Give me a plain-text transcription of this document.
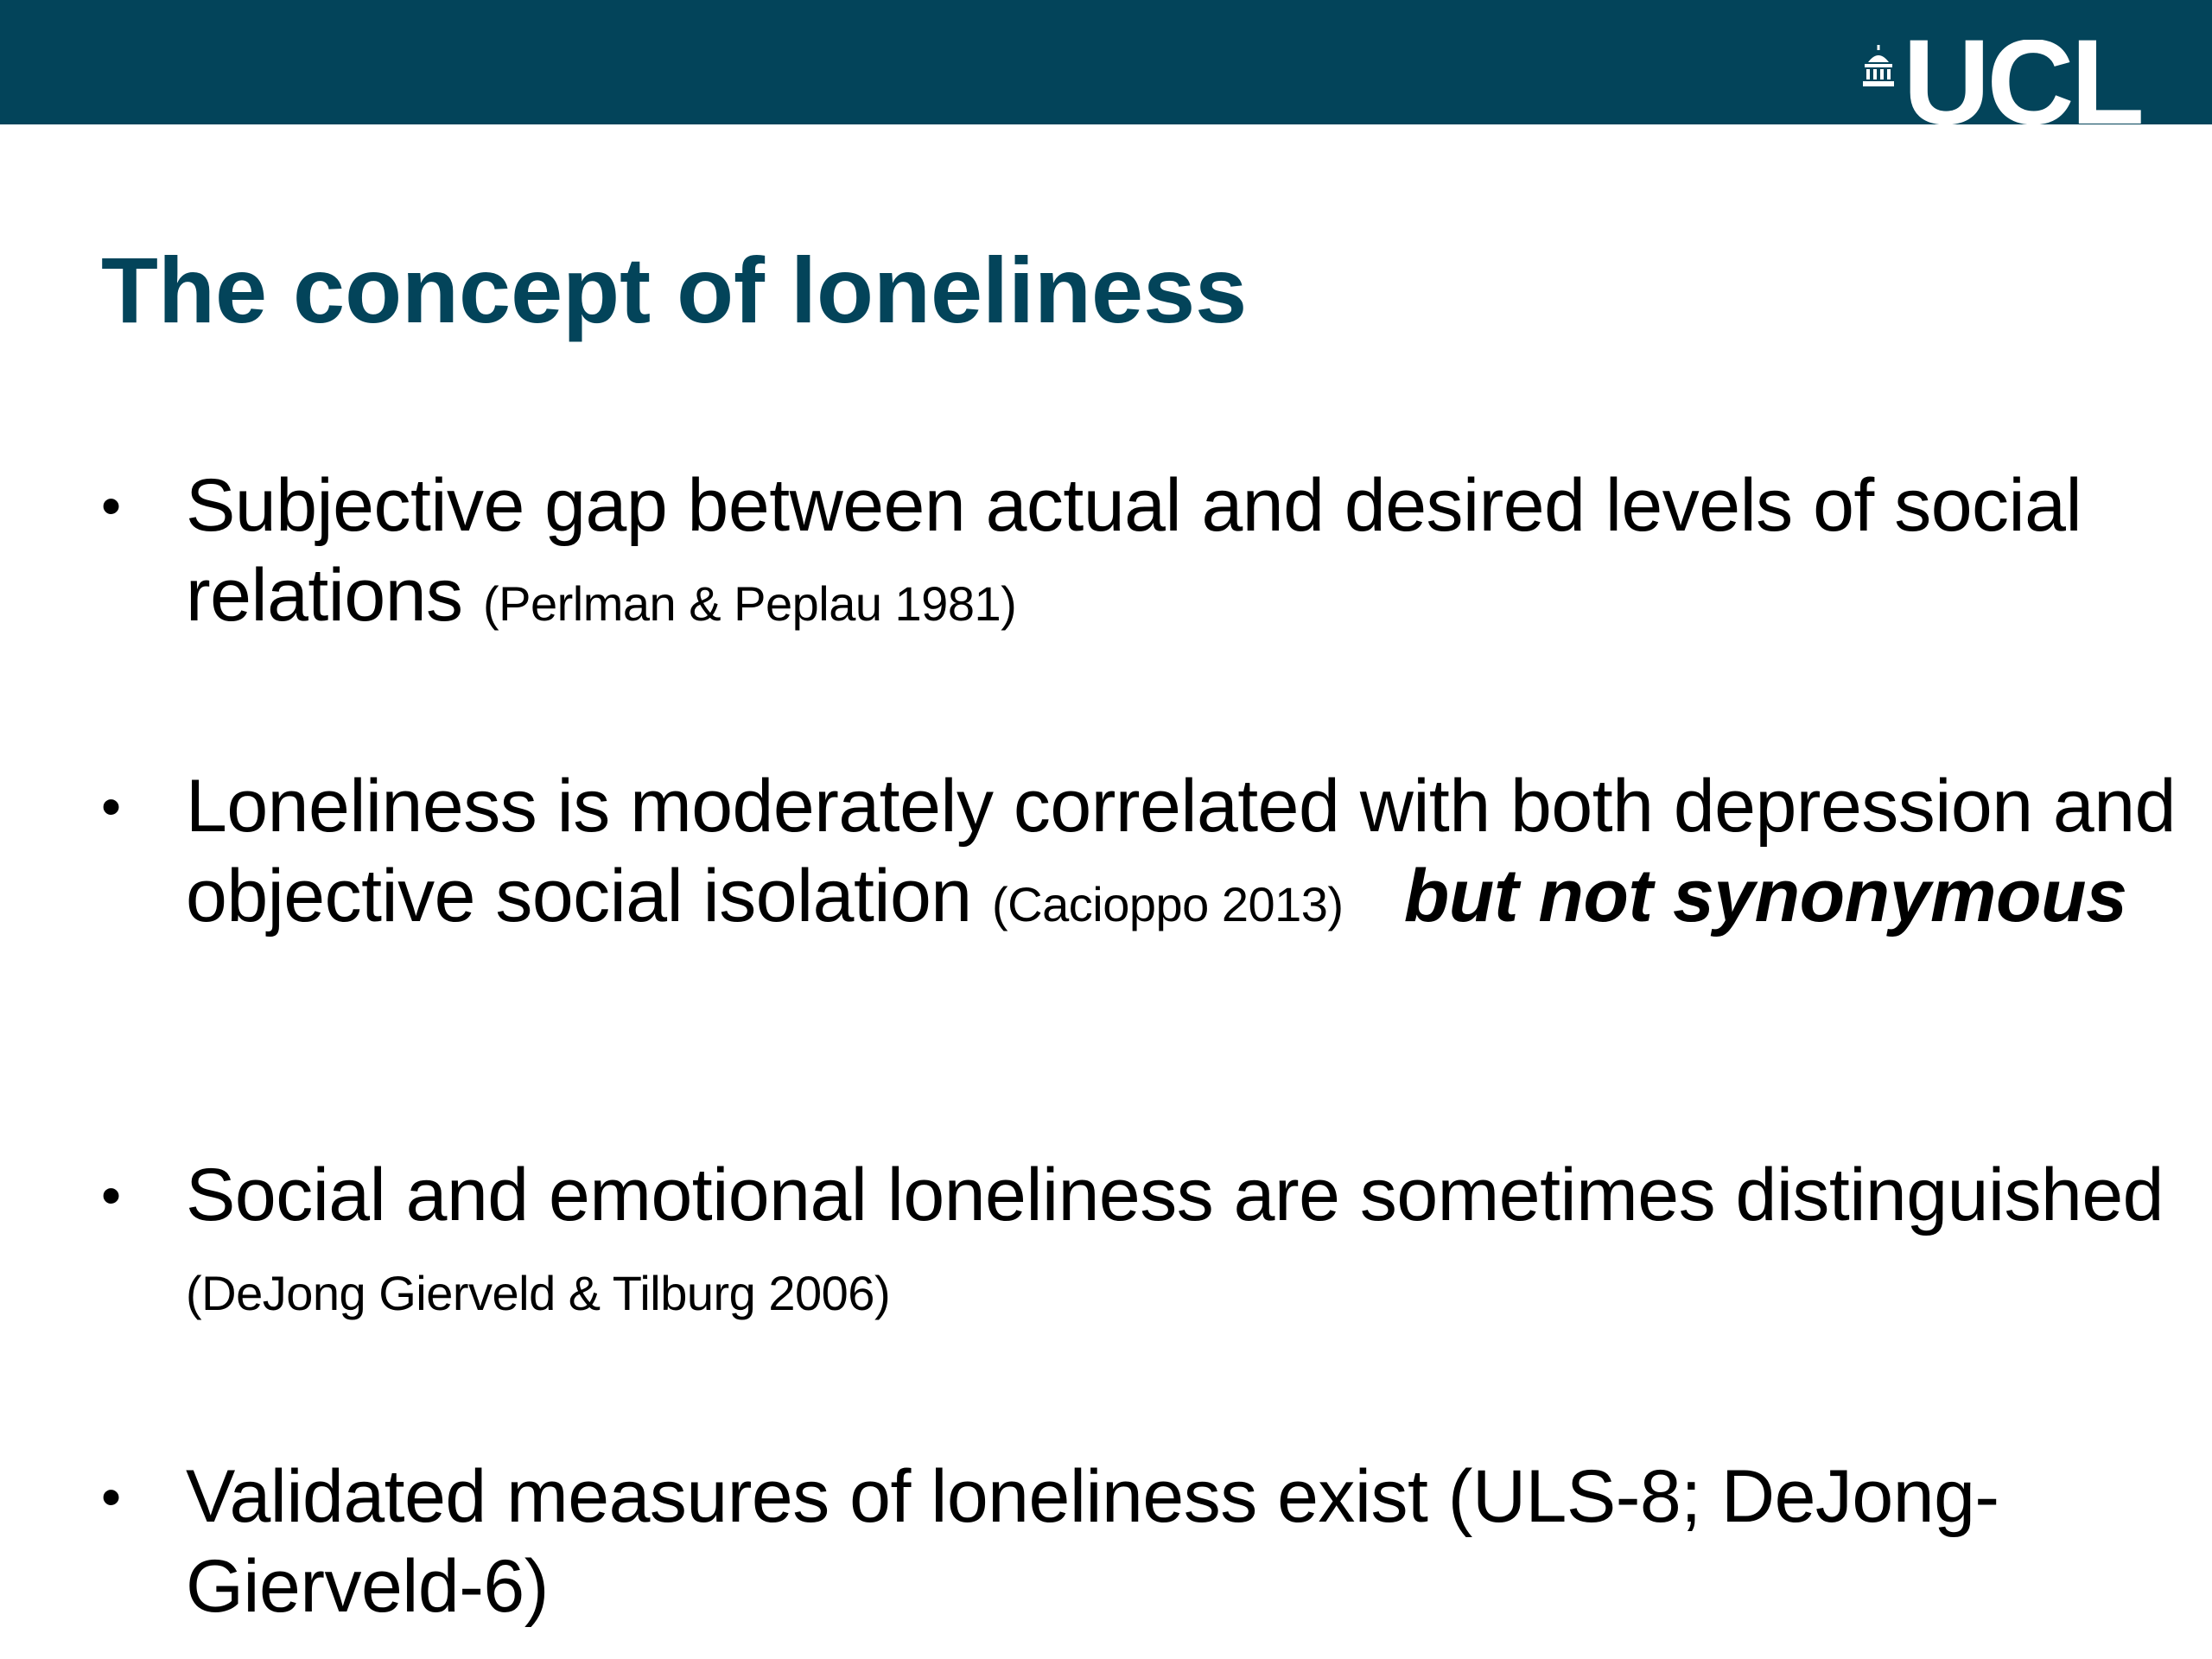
UCL
The concept of loneliness
• Subjective gap between actual and desired levels of social relations (Perlman & Peplau 1981)
• Loneliness is moderately correlated with both depression and objective social isolation (Cacioppo 2013) but not synonymous
• Social and emotional loneliness are sometimes distinguished (DeJong Gierveld & Tilburg 2006)
• Validated measures of loneliness exist (ULS-8; DeJong-Gierveld-6)
